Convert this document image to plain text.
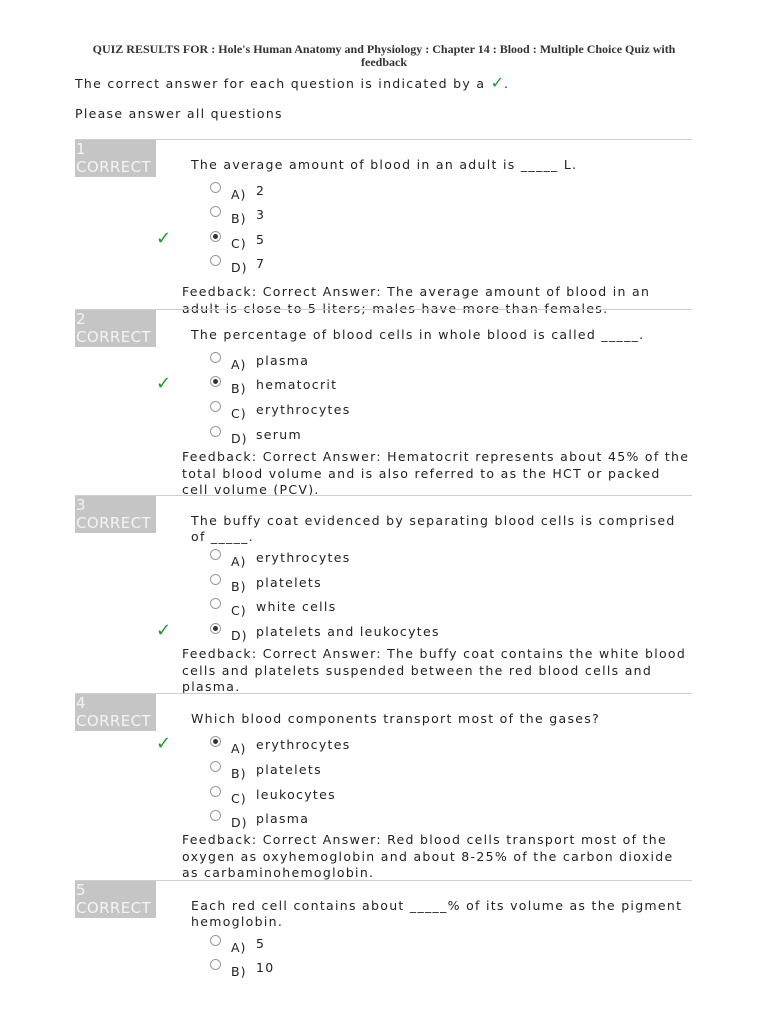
QUIZ RESULTS FOR : Hole's Human Anatomy and Physiology : Chapter 14 : Blood : Multiple Choice Quiz with feedback
The correct answer for each question is indicated by a ✓.
Please answer all questions
1
CORRECT	The average amount of blood in an adult is _____ L.
A) 2
B) 3
✓	C) 5
D) 7
Feedback: Correct Answer: The average amount of blood in an adult is close to 5 liters; males have more than females.
2
CORRECT	The percentage of blood cells in whole blood is called _____.
A) plasma
✓	B) hematocrit
C) erythrocytes
D) serum
Feedback: Correct Answer: Hematocrit represents about 45% of the total blood volume and is also referred to as the HCT or packed cell volume (PCV).
3
CORRECT	The buffy coat evidenced by separating blood cells is comprised of _____.
A) erythrocytes
B) platelets
C) white cells
✓	D) platelets and leukocytes
Feedback: Correct Answer: The buffy coat contains the white blood cells and platelets suspended between the red blood cells and plasma.
4
CORRECT	Which blood components transport most of the gases?
✓	A) erythrocytes
B) platelets
C) leukocytes
D) plasma
Feedback: Correct Answer: Red blood cells transport most of the oxygen as oxyhemoglobin and about 8-25% of the carbon dioxide as carbaminohemoglobin.
5
CORRECT	Each red cell contains about _____% of its volume as the pigment hemoglobin.
A) 5
B) 10
